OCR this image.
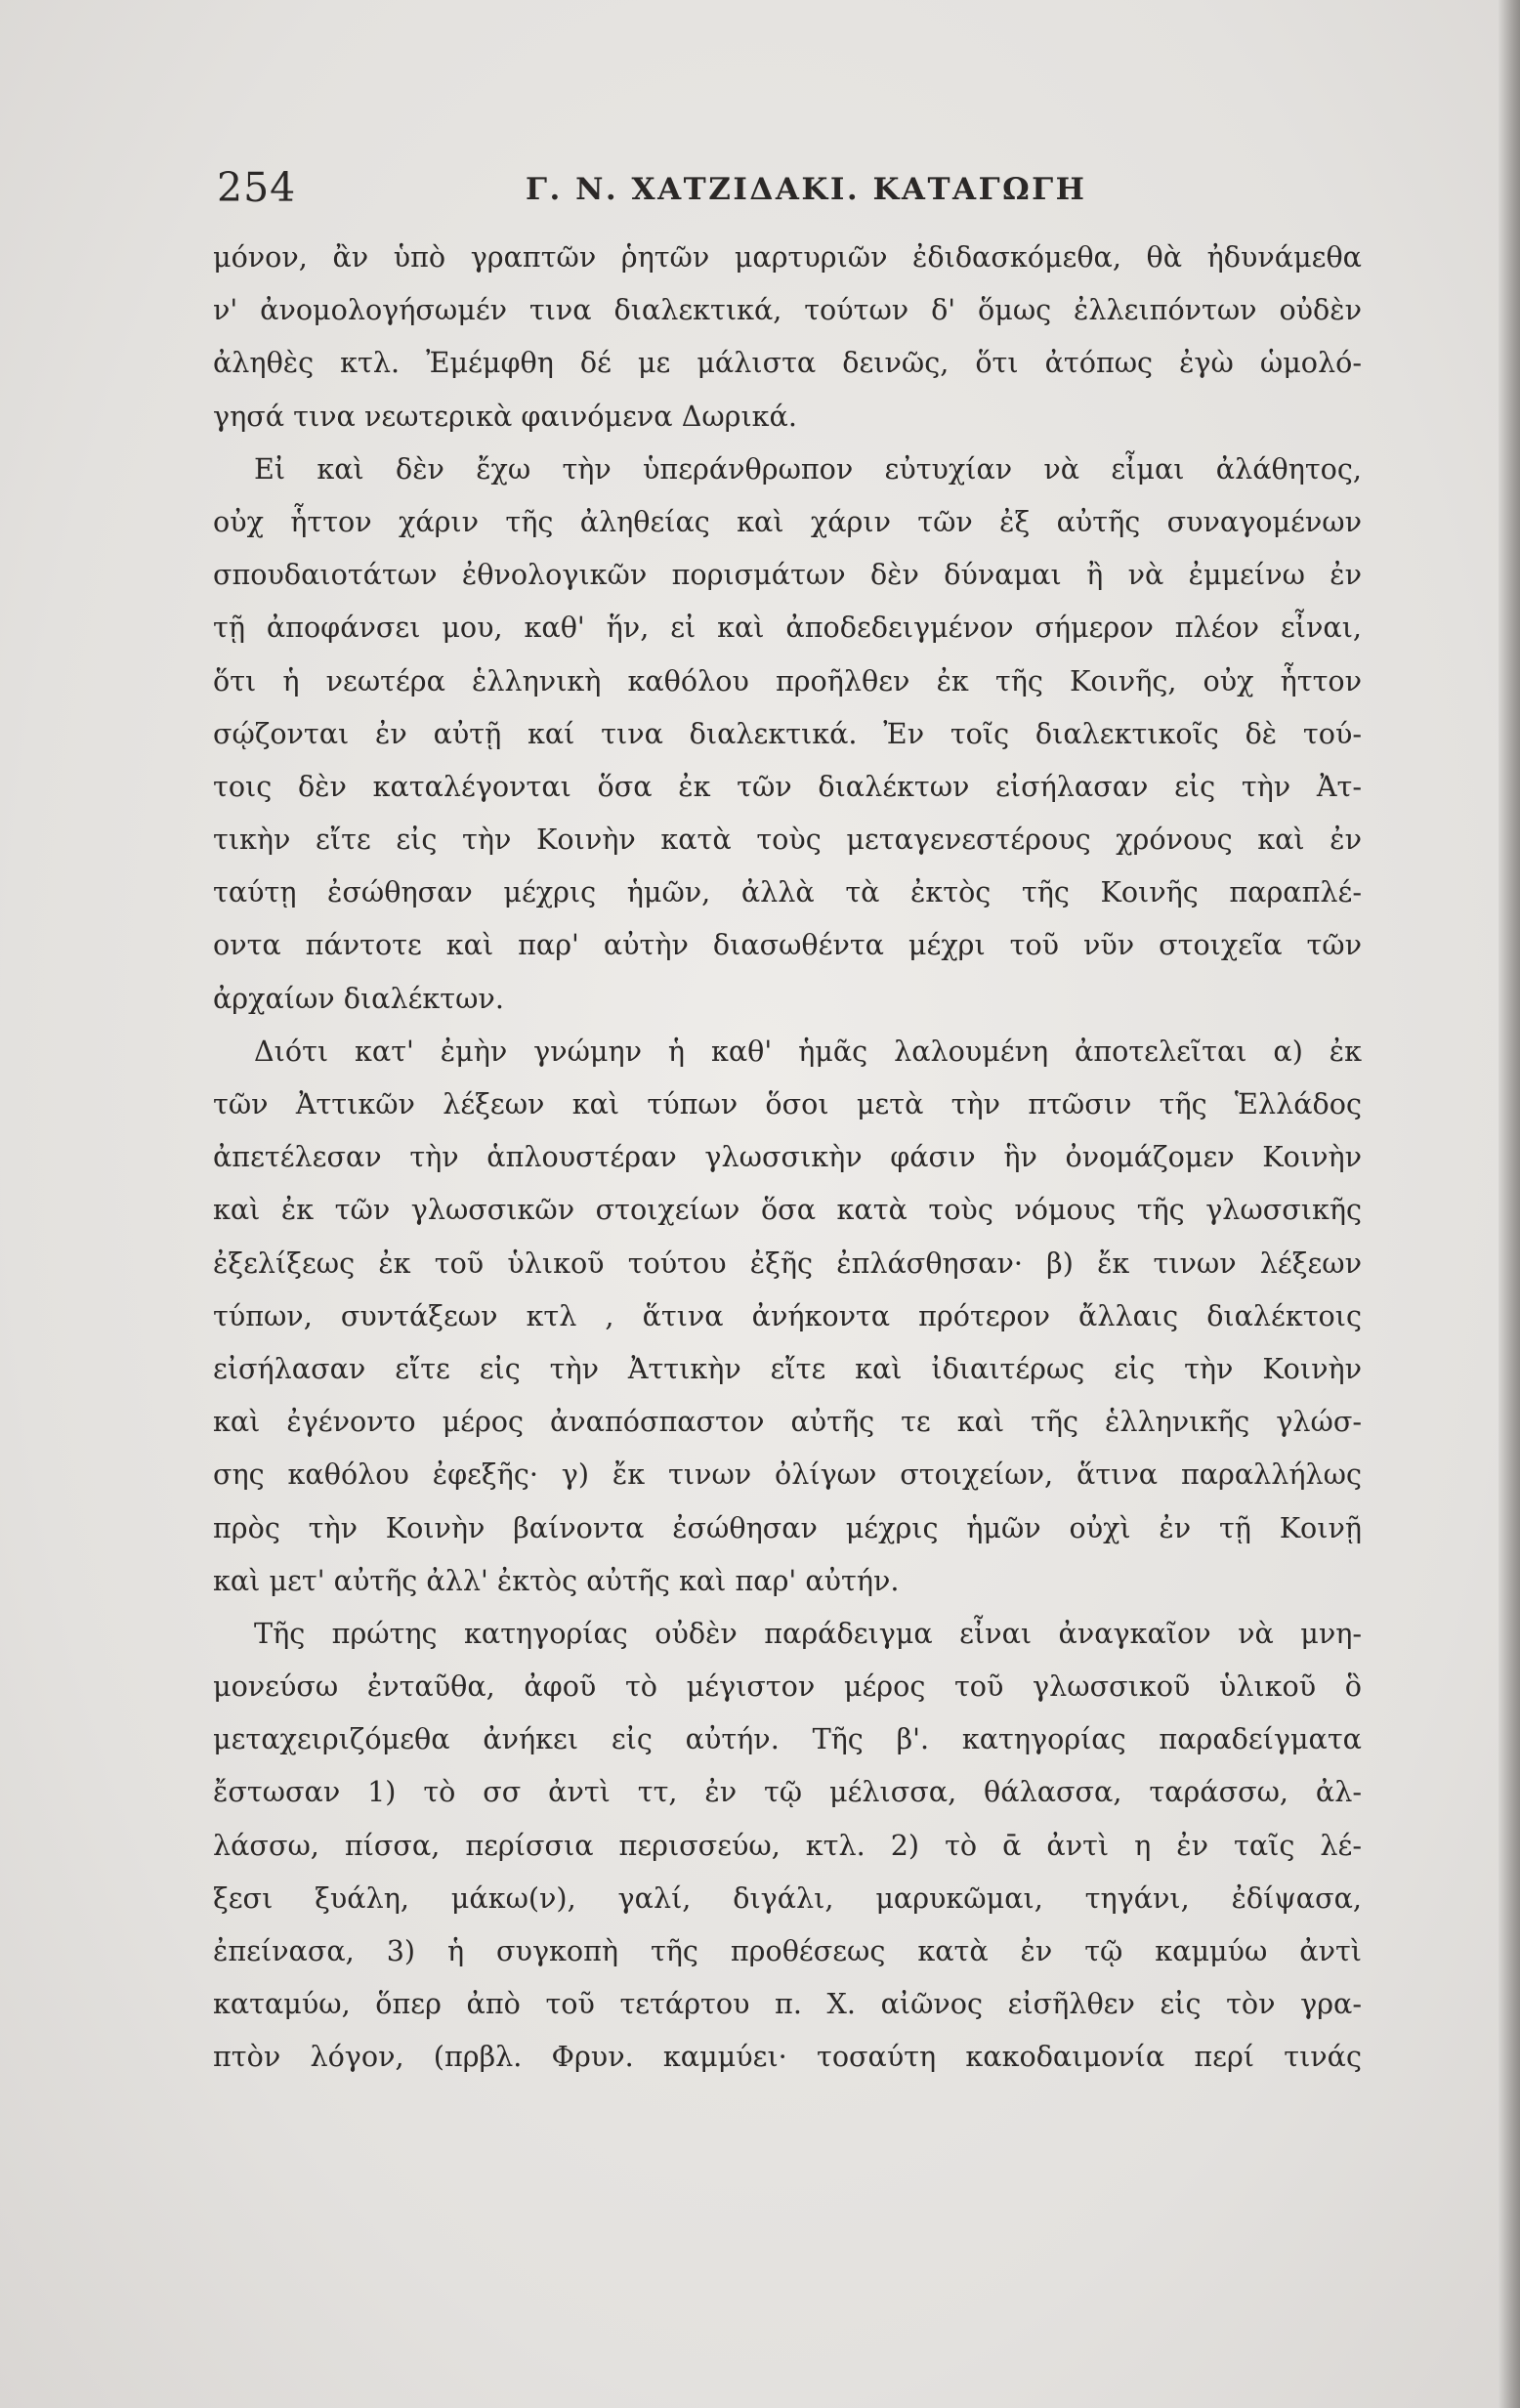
254	Γ. Ν. ΧΑΤΖΙΔΑΚΙ. ΚΑΤΑΓΩΓΗ
μόνον, ἂν ὑπὸ γραπτῶν ῥητῶν μαρτυριῶν ἐδιδασκόμεθα, θὰ ἠδυνάμεθα
ν' ἀνομολογήσωμέν τινα διαλεκτικά, τούτων δ' ὅμως ἐλλειπόντων οὐδὲν
ἀληθὲς κτλ. Ἐμέμφθη δέ με μάλιστα δεινῶς, ὅτι ἀτόπως ἐγὼ ὡμολό-
γησά τινα νεωτερικὰ φαινόμενα Δωρικά.
Εἰ καὶ δὲν ἔχω τὴν ὑπεράνθρωπον εὐτυχίαν νὰ εἶμαι ἀλάθητος,
οὐχ ἧττον χάριν τῆς ἀληθείας καὶ χάριν τῶν ἐξ αὐτῆς συναγομένων
σπουδαιοτάτων ἐθνολογικῶν πορισμάτων δὲν δύναμαι ἢ νὰ ἐμμείνω ἐν
τῇ ἀποφάνσει μου, καθ' ἥν, εἰ καὶ ἀποδεδειγμένον σήμερον πλέον εἶναι,
ὅτι ἡ νεωτέρα ἑλληνικὴ καθόλου προῆλθεν ἐκ τῆς Κοινῆς, οὐχ ἧττον
σῴζονται ἐν αὐτῇ καί τινα διαλεκτικά. Ἐν τοῖς διαλεκτικοῖς δὲ τού-
τοις δὲν καταλέγονται ὅσα ἐκ τῶν διαλέκτων εἰσήλασαν εἰς τὴν Ἀτ-
τικὴν εἴτε εἰς τὴν Κοινὴν κατὰ τοὺς μεταγενεστέρους χρόνους καὶ ἐν
ταύτῃ ἐσώθησαν μέχρις ἡμῶν, ἀλλὰ τὰ ἐκτὸς τῆς Κοινῆς παραπλέ-
οντα πάντοτε καὶ παρ' αὐτὴν διασωθέντα μέχρι τοῦ νῦν στοιχεῖα τῶν
ἀρχαίων διαλέκτων.
Διότι κατ' ἐμὴν γνώμην ἡ καθ' ἡμᾶς λαλουμένη ἀποτελεῖται α) ἐκ
τῶν Ἀττικῶν λέξεων καὶ τύπων ὅσοι μετὰ τὴν πτῶσιν τῆς Ἑλλάδος
ἀπετέλεσαν τὴν ἁπλουστέραν γλωσσικὴν φάσιν ἣν ὀνομάζομεν Κοινὴν
καὶ ἐκ τῶν γλωσσικῶν στοιχείων ὅσα κατὰ τοὺς νόμους τῆς γλωσσικῆς
ἐξελίξεως ἐκ τοῦ ὑλικοῦ τούτου ἐξῆς ἐπλάσθησαν· β) ἔκ τινων λέξεων
τύπων, συντάξεων κτλ , ἅτινα ἀνήκοντα πρότερον ἄλλαις διαλέκτοις
εἰσήλασαν εἴτε εἰς τὴν Ἀττικὴν εἴτε καὶ ἰδιαιτέρως εἰς τὴν Κοινὴν
καὶ ἐγένοντο μέρος ἀναπόσπαστον αὐτῆς τε καὶ τῆς ἑλληνικῆς γλώσ-
σης καθόλου ἐφεξῆς· γ) ἔκ τινων ὀλίγων στοιχείων, ἅτινα παραλλήλως
πρὸς τὴν Κοινὴν βαίνοντα ἐσώθησαν μέχρις ἡμῶν οὐχὶ ἐν τῇ Κοινῇ
καὶ μετ' αὐτῆς ἀλλ' ἐκτὸς αὐτῆς καὶ παρ' αὐτήν.
Τῆς πρώτης κατηγορίας οὐδὲν παράδειγμα εἶναι ἀναγκαῖον νὰ μνη-
μονεύσω ἐνταῦθα, ἀφοῦ τὸ μέγιστον μέρος τοῦ γλωσσικοῦ ὑλικοῦ ὃ
μεταχειριζόμεθα ἀνήκει εἰς αὐτήν. Τῆς β'. κατηγορίας παραδείγματα
ἔστωσαν 1) τὸ σσ ἀντὶ ττ, ἐν τῷ μέλισσα, θάλασσα, ταράσσω, ἀλ-
λάσσω, πίσσα, περίσσια περισσεύω, κτλ. 2) τὸ ᾱ ἀντὶ η ἐν ταῖς λέ-
ξεσι ξυάλη, μάκω(ν), γαλί, διγάλι, μαρυκῶμαι, τηγάνι, ἐδίψασα,
ἐπείνασα, 3) ἡ συγκοπὴ τῆς προθέσεως κατὰ ἐν τῷ καμμύω ἀντὶ
καταμύω, ὅπερ ἀπὸ τοῦ τετάρτου π. Χ. αἰῶνος εἰσῆλθεν εἰς τὸν γρα-
πτὸν λόγον, (πρβλ. Φρυν. καμμύει· τοσαύτη κακοδαιμονία περί τινάς
